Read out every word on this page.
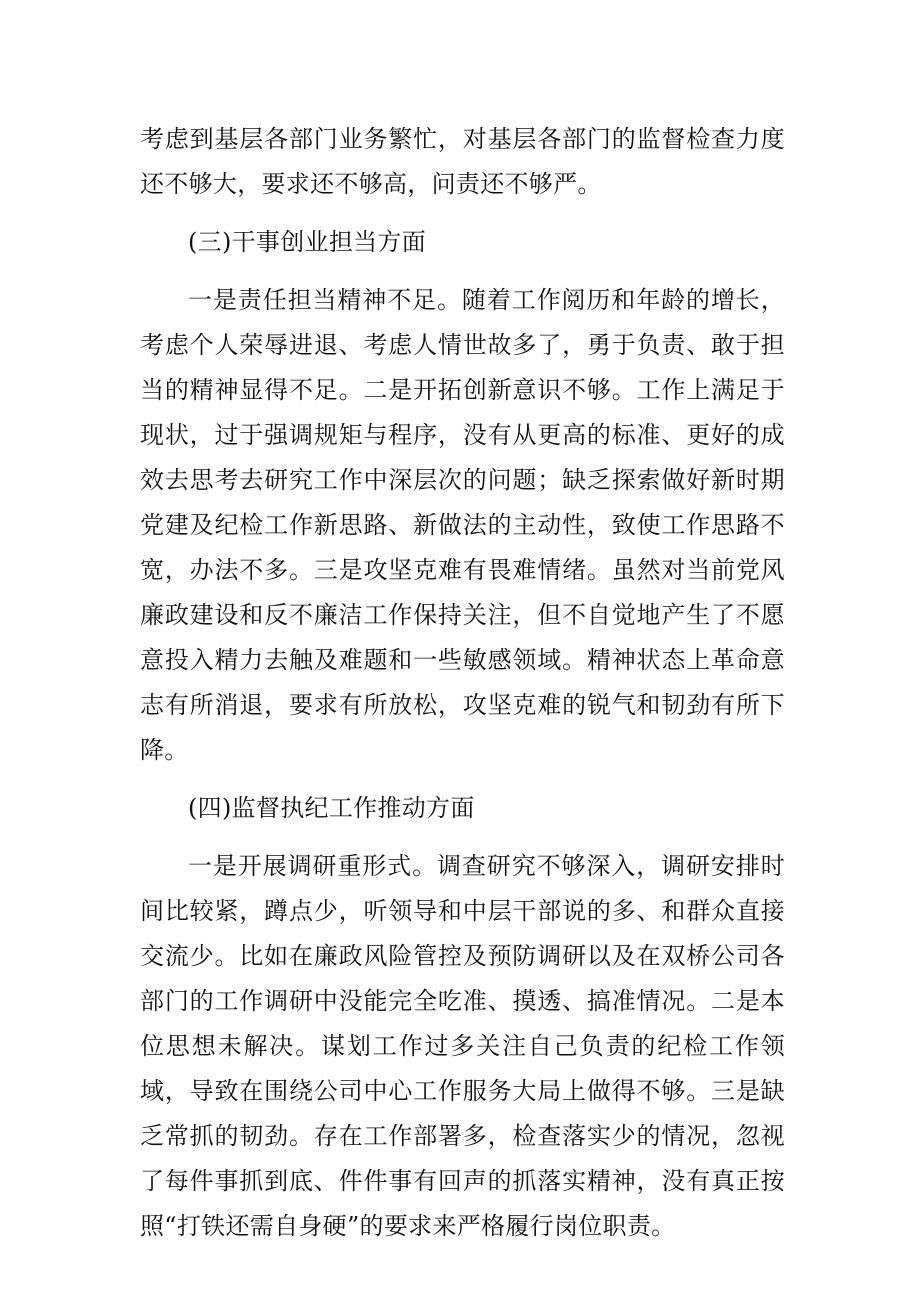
考虑到基层各部门业务繁忙，对基层各部门的监督检查力度还不够大，要求还不够高，问责还不够严。

(三)干事创业担当方面

一是责任担当精神不足。随着工作阅历和年龄的增长，考虑个人荣辱进退、考虑人情世故多了，勇于负责、敢于担当的精神显得不足。二是开拓创新意识不够。工作上满足于现状，过于强调规矩与程序，没有从更高的标准、更好的成效去思考去研究工作中深层次的问题；缺乏探索做好新时期党建及纪检工作新思路、新做法的主动性，致使工作思路不宽，办法不多。三是攻坚克难有畏难情绪。虽然对当前党风廉政建设和反不廉洁工作保持关注，但不自觉地产生了不愿意投入精力去触及难题和一些敏感领域。精神状态上革命意志有所消退，要求有所放松，攻坚克难的锐气和韧劲有所下降。

(四)监督执纪工作推动方面

一是开展调研重形式。调查研究不够深入，调研安排时间比较紧，蹲点少，听领导和中层干部说的多、和群众直接交流少。比如在廉政风险管控及预防调研以及在双桥公司各部门的工作调研中没能完全吃准、摸透、搞准情况。二是本位思想未解决。谋划工作过多关注自己负责的纪检工作领域，导致在围绕公司中心工作服务大局上做得不够。三是缺乏常抓的韧劲。存在工作部署多，检查落实少的情况，忽视了每件事抓到底、件件事有回声的抓落实精神，没有真正按照“打铁还需自身硬”的要求来严格履行岗位职责。
